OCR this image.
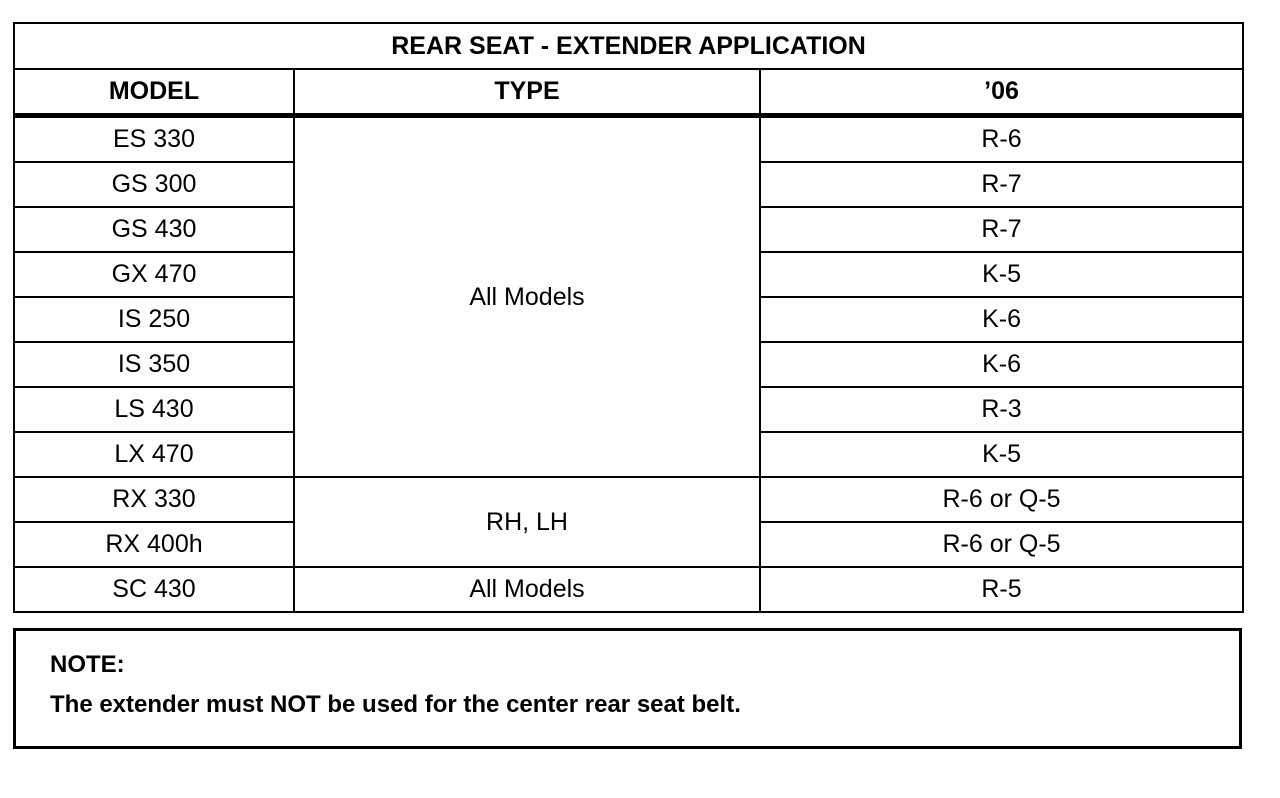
REAR SEAT - EXTENDER APPLICATION		
MODEL	TYPE	’06
ES 330	All Models	R-6
GS 300		R-7
GS 430		R-7
GX 470		K-5
IS 250		K-6
IS 350		K-6
LS 430		R-3
LX 470		K-5
RX 330	RH, LH	R-6 or Q-5
RX 400h		R-6 or Q-5
SC 430	All Models	R-5
NOTE:
The extender must NOT be used for the center rear seat belt.
